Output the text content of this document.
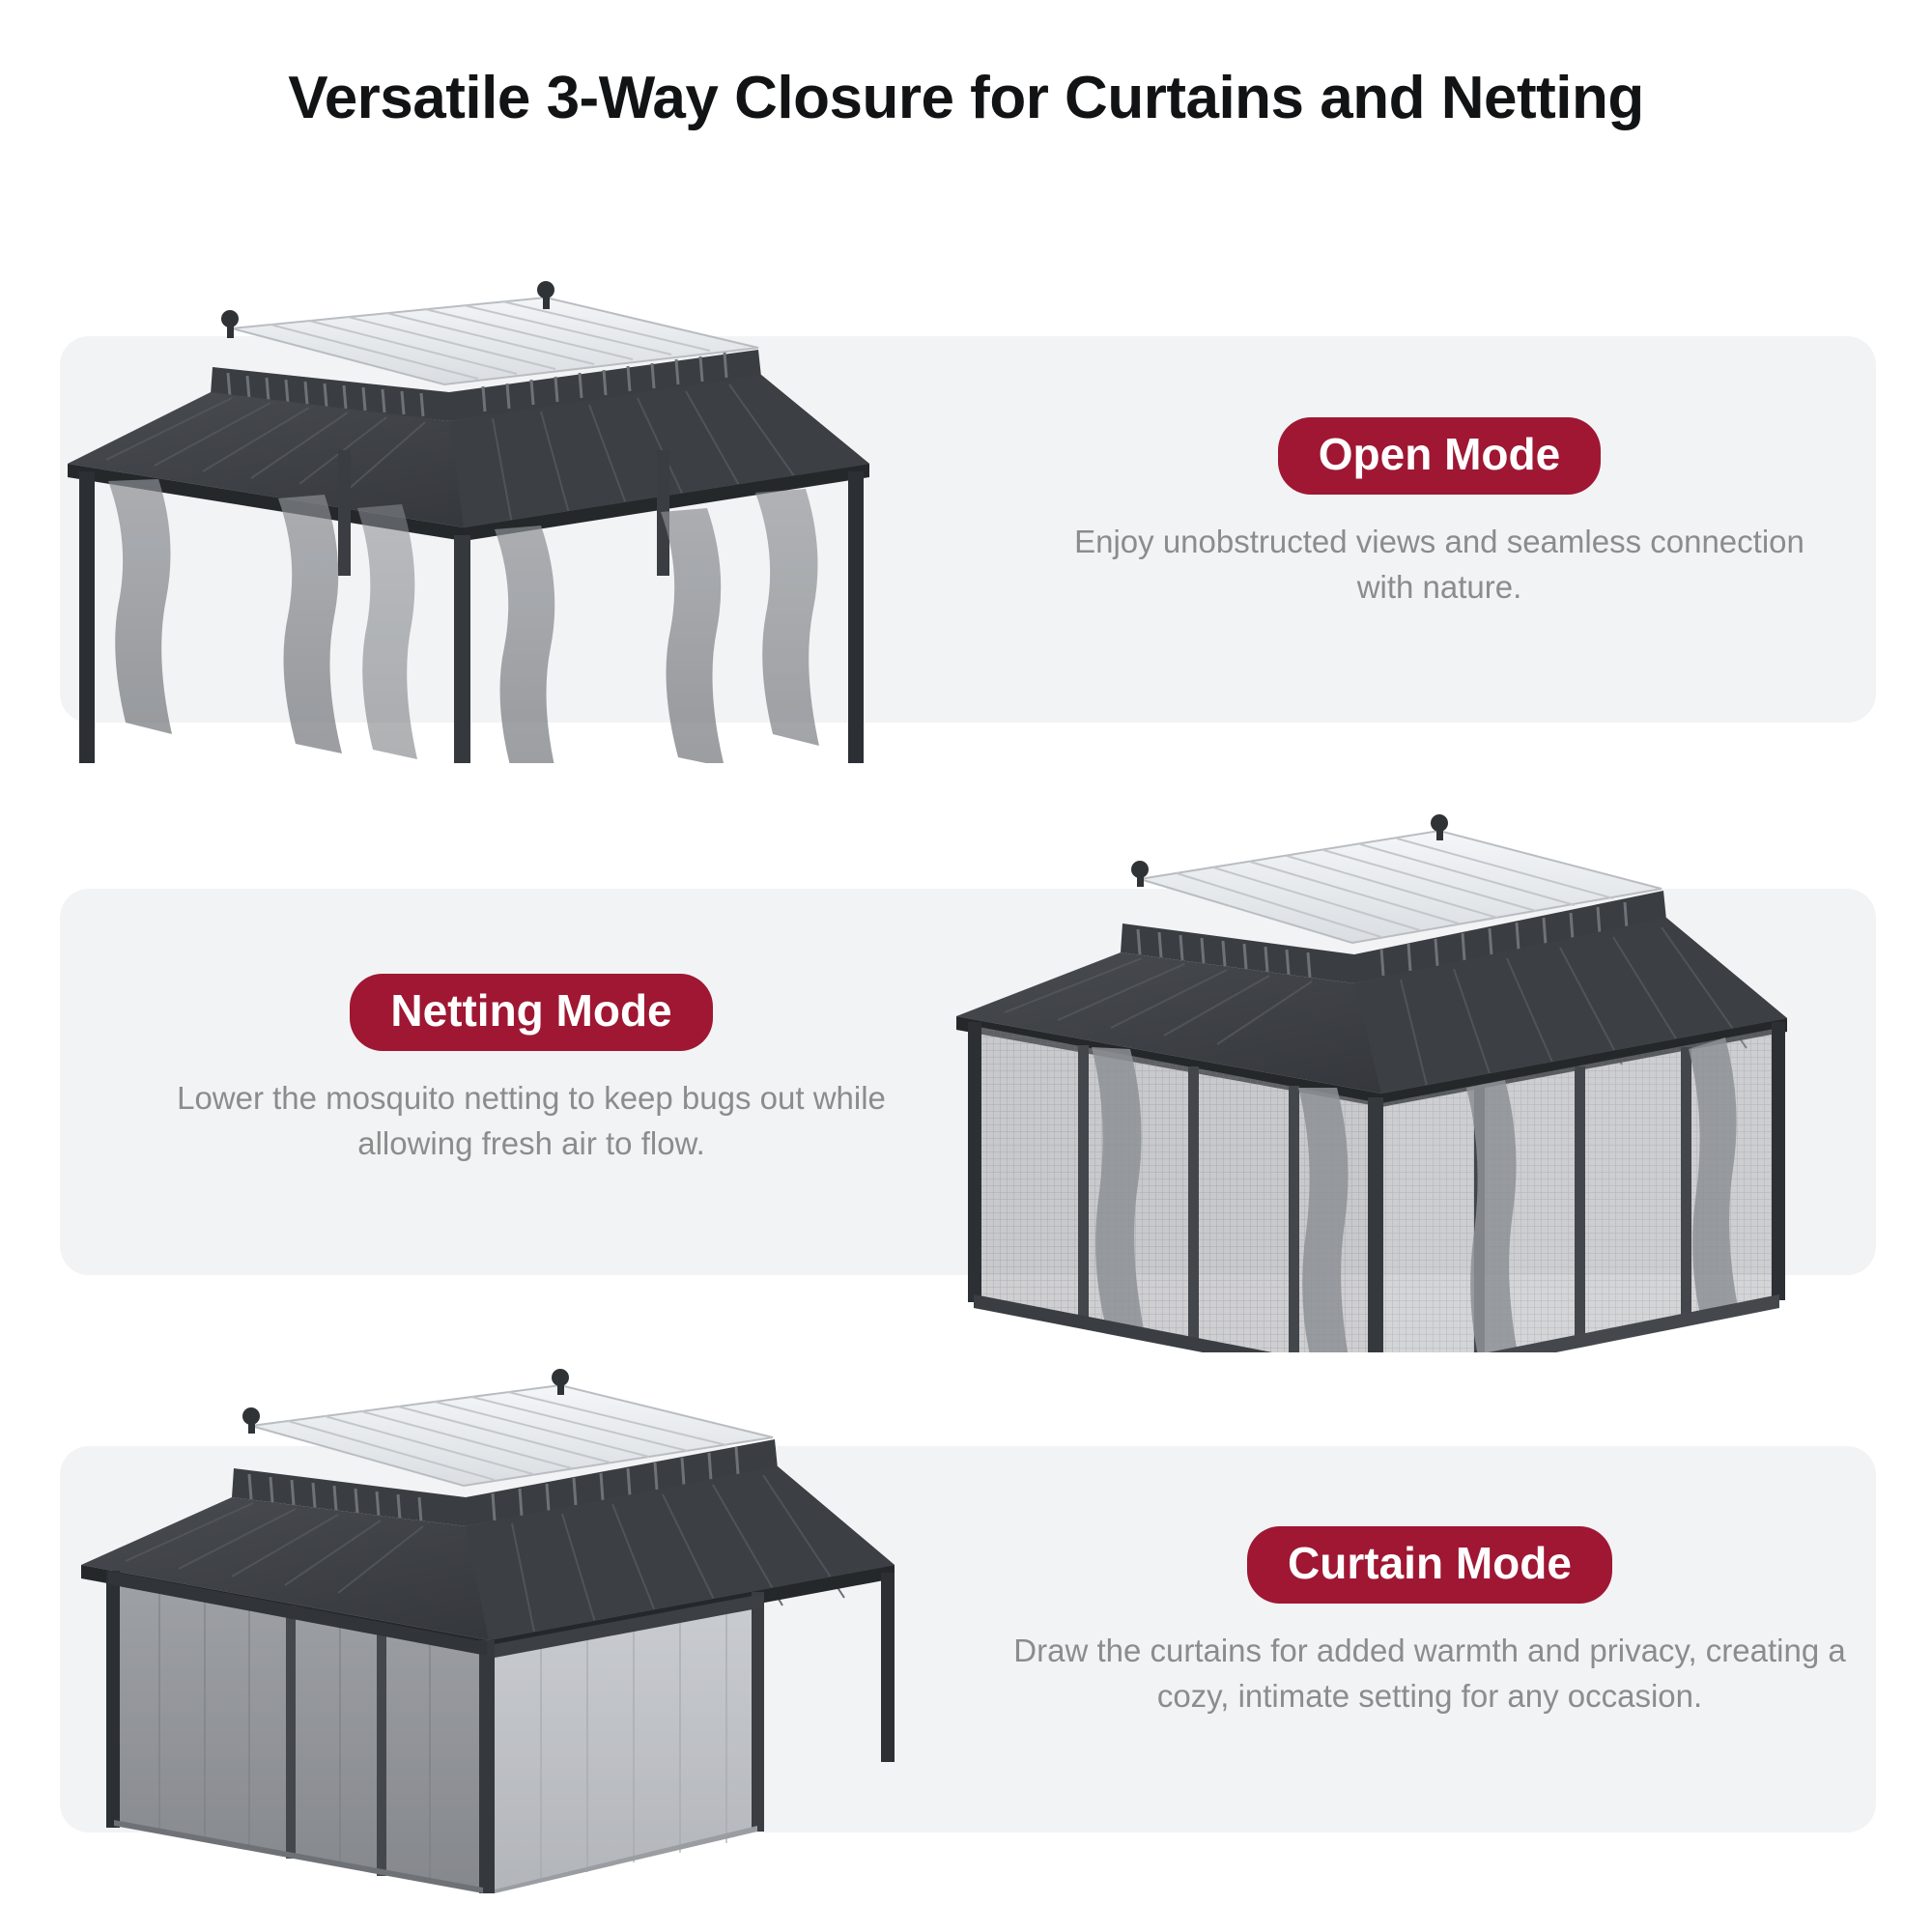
Versatile 3-Way Closure for Curtains and Netting
Open Mode
Enjoy unobstructed views and seamless connection with nature.
Netting Mode
Lower the mosquito netting to keep bugs out while allowing fresh air to flow.
Curtain Mode
Draw the curtains for added warmth and privacy, creating a cozy, intimate setting for any occasion.
